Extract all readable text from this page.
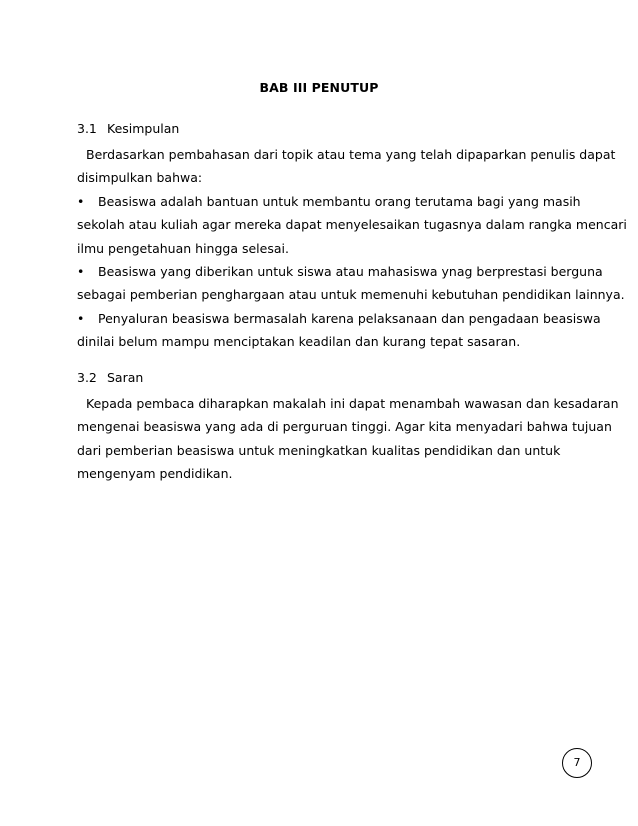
BAB III PENUTUP
3.1 Kesimpulan
Berdasarkan pembahasan dari topik atau tema yang telah dipaparkan penulis dapat
disimpulkan bahwa:
• Beasiswa adalah bantuan untuk membantu orang terutama bagi yang masih
sekolah atau kuliah agar mereka dapat menyelesaikan tugasnya dalam rangka mencari
ilmu pengetahuan hingga selesai.
• Beasiswa yang diberikan untuk siswa atau mahasiswa ynag berprestasi berguna
sebagai pemberian penghargaan atau untuk memenuhi kebutuhan pendidikan lainnya.
• Penyaluran beasiswa bermasalah karena pelaksanaan dan pengadaan beasiswa
dinilai belum mampu menciptakan keadilan dan kurang tepat sasaran.
3.2 Saran
Kepada pembaca diharapkan makalah ini dapat menambah wawasan dan kesadaran
mengenai beasiswa yang ada di perguruan tinggi. Agar kita menyadari bahwa tujuan
dari pemberian beasiswa untuk meningkatkan kualitas pendidikan dan untuk
mengenyam pendidikan.
7
